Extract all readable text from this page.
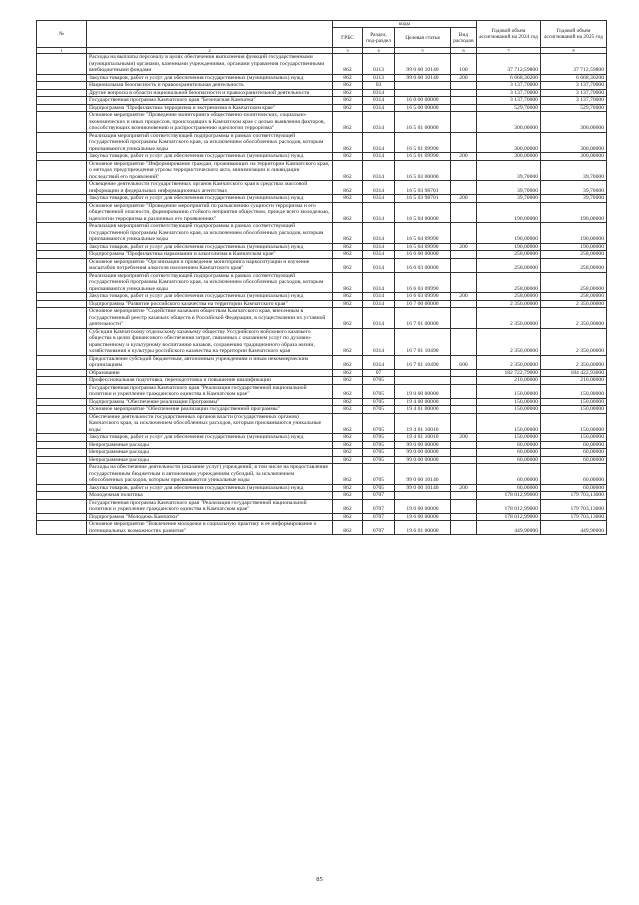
№		коды				Годовой объем ассигнований на 2024 год	Годовой объем ассигнований на 2025 год
		ГРБС	Раздел, под-раздел	Целевая статья	Вид расходов		
1	2	3	4	5	6	7	8
	Расходы на выплаты персоналу в целях обеспечения выполнения функций государственными (муниципальными) органами, казенными учреждениями, органами управления государственными внебюджетными фондами	862	0113	99 0 00 10140	100	37 712,59800	37 712,59800
	Закупка товаров, работ и услуг для обеспечения государственных (муниципальных) нужд	862	0113	99 0 00 10140	200	6 668,30200	6 668,30200
	Национальная безопасность и правоохранительная деятельность	862	03			3 137,70000	3 137,70000
	Другие вопросы в области национальной безопасности и правоохранительной деятельности	862	0314			3 137,70000	3 137,70000
	Государственная программа Камчатского края "Безопасная Камчатка"	862	0314	16 0 00 00000		3 137,70000	3 137,70000
	Подпрограмма "Профилактика терроризма и экстремизма в Камчатском крае"	862	0314	16 5 00 00000		529,70000	529,70000
	Основное мероприятие "Проведение мониторинга общественно-политических, социально-экономических и иных процессов, происходящих в Камчатском крае с целью выявления факторов, способствующих возникновению и распространению идеологии терроризма"	862	0314	16 5 01 00000		300,00000	300,00000
	Реализация мероприятий соответствующей подпрограммы в рамках соответствующей государственной программы Камчатского края, за исключением обособленных расходов, которым присваиваются уникальные коды	862	0314	16 5 01 09990		300,00000	300,00000
	Закупка товаров, работ и услуг для обеспечения государственных (муниципальных) нужд	862	0314	16 5 01 09990	200	300,00000	300,00000
	Основное мероприятие "Информирование граждан, проживающих на территории Камчатского края, о методах предупреждения угрозы террористического акта, минимизации и ликвидации последствий его проявлений"	862	0314	16 5 03 00000		39,70000	39,70000
	Освещение деятельности государственных органов Камчатского края в средствах массовой информации и федеральных информационных агентствах	862	0314	16 5 03 98701		39,70000	39,70000
	Закупка товаров, работ и услуг для обеспечения государственных (муниципальных) нужд	862	0314	16 5 03 98701	200	39,70000	39,70000
	Основное мероприятие "Проведение мероприятий по разъяснению сущности терроризма и его общественной опасности, формированию стойкого неприятия обществом, прежде всего молодежью, идеологии терроризма в различных его проявлениях"	862	0314	16 5 04 00000		190,00000	190,00000
	Реализация мероприятий соответствующей подпрограммы в рамках соответствующей государственной программы Камчатского края, за исключением обособленных расходов, которым присваиваются уникальные коды	862	0314	16 5 04 09990		190,00000	190,00000
	Закупка товаров, работ и услуг для обеспечения государственных (муниципальных) нужд	862	0314	16 5 04 09990	200	190,00000	190,00000
	Подпрограмма "Профилактика наркомании и алкоголизма в Камчатском крае"	862	0314	16 6 00 00000		258,00000	258,00000
	Основное мероприятие "Организация и проведение мониторинга наркоситуации и изучение масштабов потребления алкоголя населением Камчатского края"	862	0314	16 6 03 00000		258,00000	258,00000
	Реализация мероприятий соответствующей подпрограммы в рамках соответствующей государственной программы Камчатского края, за исключением обособленных расходов, которым присваиваются уникальные коды	862	0314	16 6 03 09990		258,00000	258,00000
	Закупка товаров, работ и услуг для обеспечения государственных (муниципальных) нужд	862	0314	16 6 03 09990	200	258,00000	258,00000
	Подпрограмма "Развитие российского казачества на территории Камчатского края"	862	0314	16 7 00 00000		2 350,00000	2 350,00000
	Основное мероприятие "Содействие казачьим обществам Камчатского края, внесенным в государственный реестр казачьих обществ в Российской Федерации, в осуществлении их уставной деятельности"	862	0314	16 7 01 00000		2 350,00000	2 350,00000
	Субсидия Камчатскому отдельскому казачьему обществу Уссурийского войскового казачьего общества в целях финансового обеспечения затрат, связанных с оказанием услуг по духовно-нравственному и культурному воспитанию казаков, сохранению традиционного образа жизни, хозяйствования и культуры российского казачества на территории Камчатского края	862	0314	16 7 01 10490		2 350,00000	2 350,00000
	Предоставление субсидий бюджетным, автономным учреждениям и иным некоммерческим организациям	862	0314	16 7 01 10490	600	2 350,00000	2 350,00000
	Образование	862	07			182 722,79000	184 422,93000
	Профессиональная подготовка, переподготовка и повышение квалификации	862	0705			210,00000	210,00000
	Государственная программа Камчатского края "Реализация государственной национальной политики и укрепление гражданского единства в Камчатском крае"	862	0705	19 0 00 00000		150,00000	150,00000
	Подпрограмма "Обеспечение реализации Программы"	862	0705	19 4 00 00000		150,00000	150,00000
	Основное мероприятие "Обеспечение реализации государственной программы"	862	0705	19 4 01 00000		150,00000	150,00000
	Обеспечение деятельности государственных органов власти (государственных органов) Камчатского края, за исключением обособленных расходов, которым присваиваются уникальные коды	862	0705	19 4 01 10010		150,00000	150,00000
	Закупка товаров, работ и услуг для обеспечения государственных (муниципальных) нужд	862	0705	19 4 01 10010	200	150,00000	150,00000
	Непрограммные расходы	862	0705	99 0 00 00000		60,00000	60,00000
	Непрограммные расходы	862	0705	99 0 00 00000		60,00000	60,00000
	Непрограммные расходы	862	0705	99 0 00 00000		60,00000	60,00000
	Расходы на обеспечение деятельности (оказание услуг) учреждений, в том числе на предоставление государственным бюджетным и автономным учреждениям субсидий, за исключением обособленных расходов, которым присваиваются уникальные коды	862	0705	99 0 00 10140		60,00000	60,00000
	Закупка товаров, работ и услуг для обеспечения государственных (муниципальных) нужд	862	0705	99 0 00 10140	200	60,00000	60,00000
	Молодежная политика	862	0707			178 012,99000	179 703,13000
	Государственная программа Камчатского края "Реализация государственной национальной политики и укрепление гражданского единства в Камчатском крае"	862	0707	19 0 00 00000		178 012,99000	179 703,13000
	Подпрограмма "Молодежь Камчатки"	862	0707	19 6 00 00000		178 012,99000	179 703,13000
	Основное мероприятие "Вовлечение молодежи в социальную практику и ее информирование о потенциальных возможностях развития"	862	0707	19 6 01 00000		449,90000	449,90000
85
